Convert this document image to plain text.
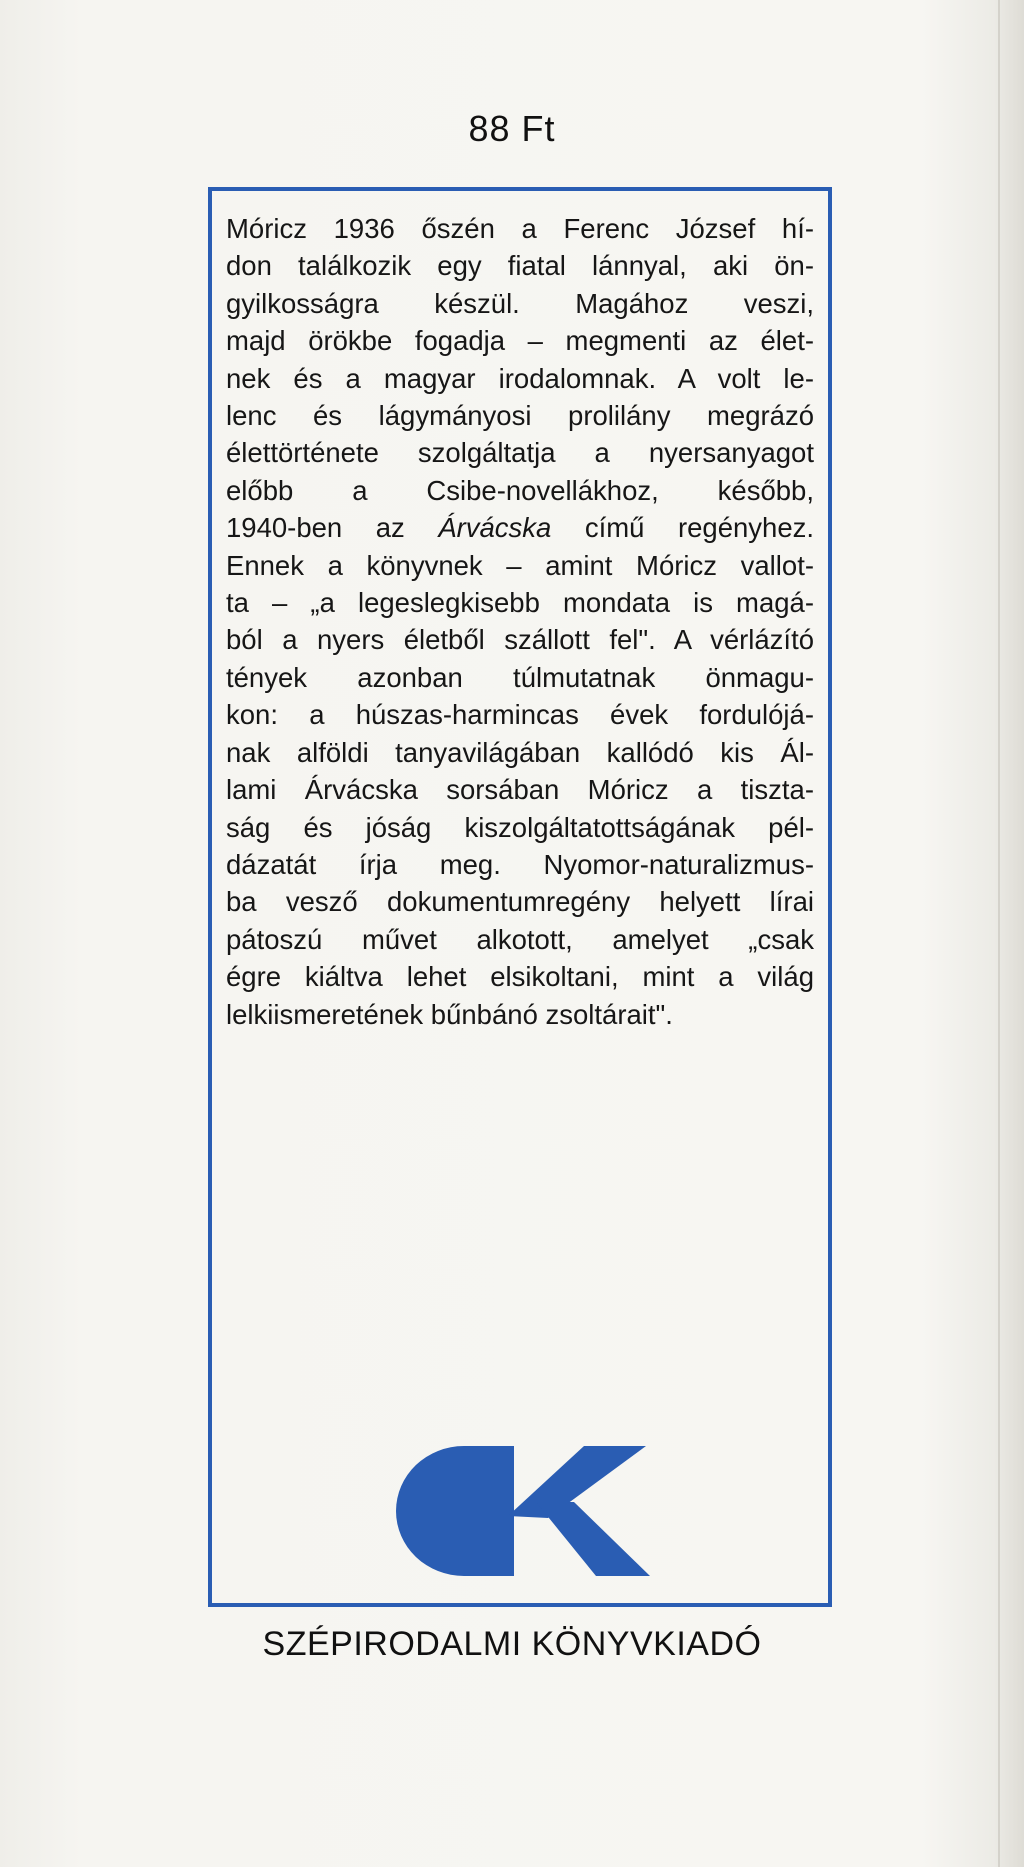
88 Ft

Móricz 1936 őszén a Ferenc József hí-
don találkozik egy fiatal lánnyal, aki ön-
gyilkosságra készül. Magához veszi,
majd örökbe fogadja – megmenti az élet-
nek és a magyar irodalomnak. A volt le-
lenc és lágymányosi prolilány megrázó
élettörténete szolgáltatja a nyersanyagot
előbb a Csibe-novellákhoz, később,
1940-ben az Árvácska című regényhez.
Ennek a könyvnek – amint Móricz vallot-
ta – „a legeslegkisebb mondata is magá-
ból a nyers életből szállott fel". A vérlázító
tények azonban túlmutatnak önmagu-
kon: a húszas-harmincas évek fordulójá-
nak alföldi tanyavilágában kallódó kis Ál-
lami Árvácska sorsában Móricz a tiszta-
ság és jóság kiszolgáltatottságának pél-
dázatát írja meg. Nyomor-naturalizmus-
ba vesző dokumentumregény helyett lírai
pátoszú művet alkotott, amelyet „csak
égre kiáltva lehet elsikoltani, mint a világ
lelkiismeretének bűnbánó zsoltárait".

SZÉPIRODALMI KÖNYVKIADÓ
